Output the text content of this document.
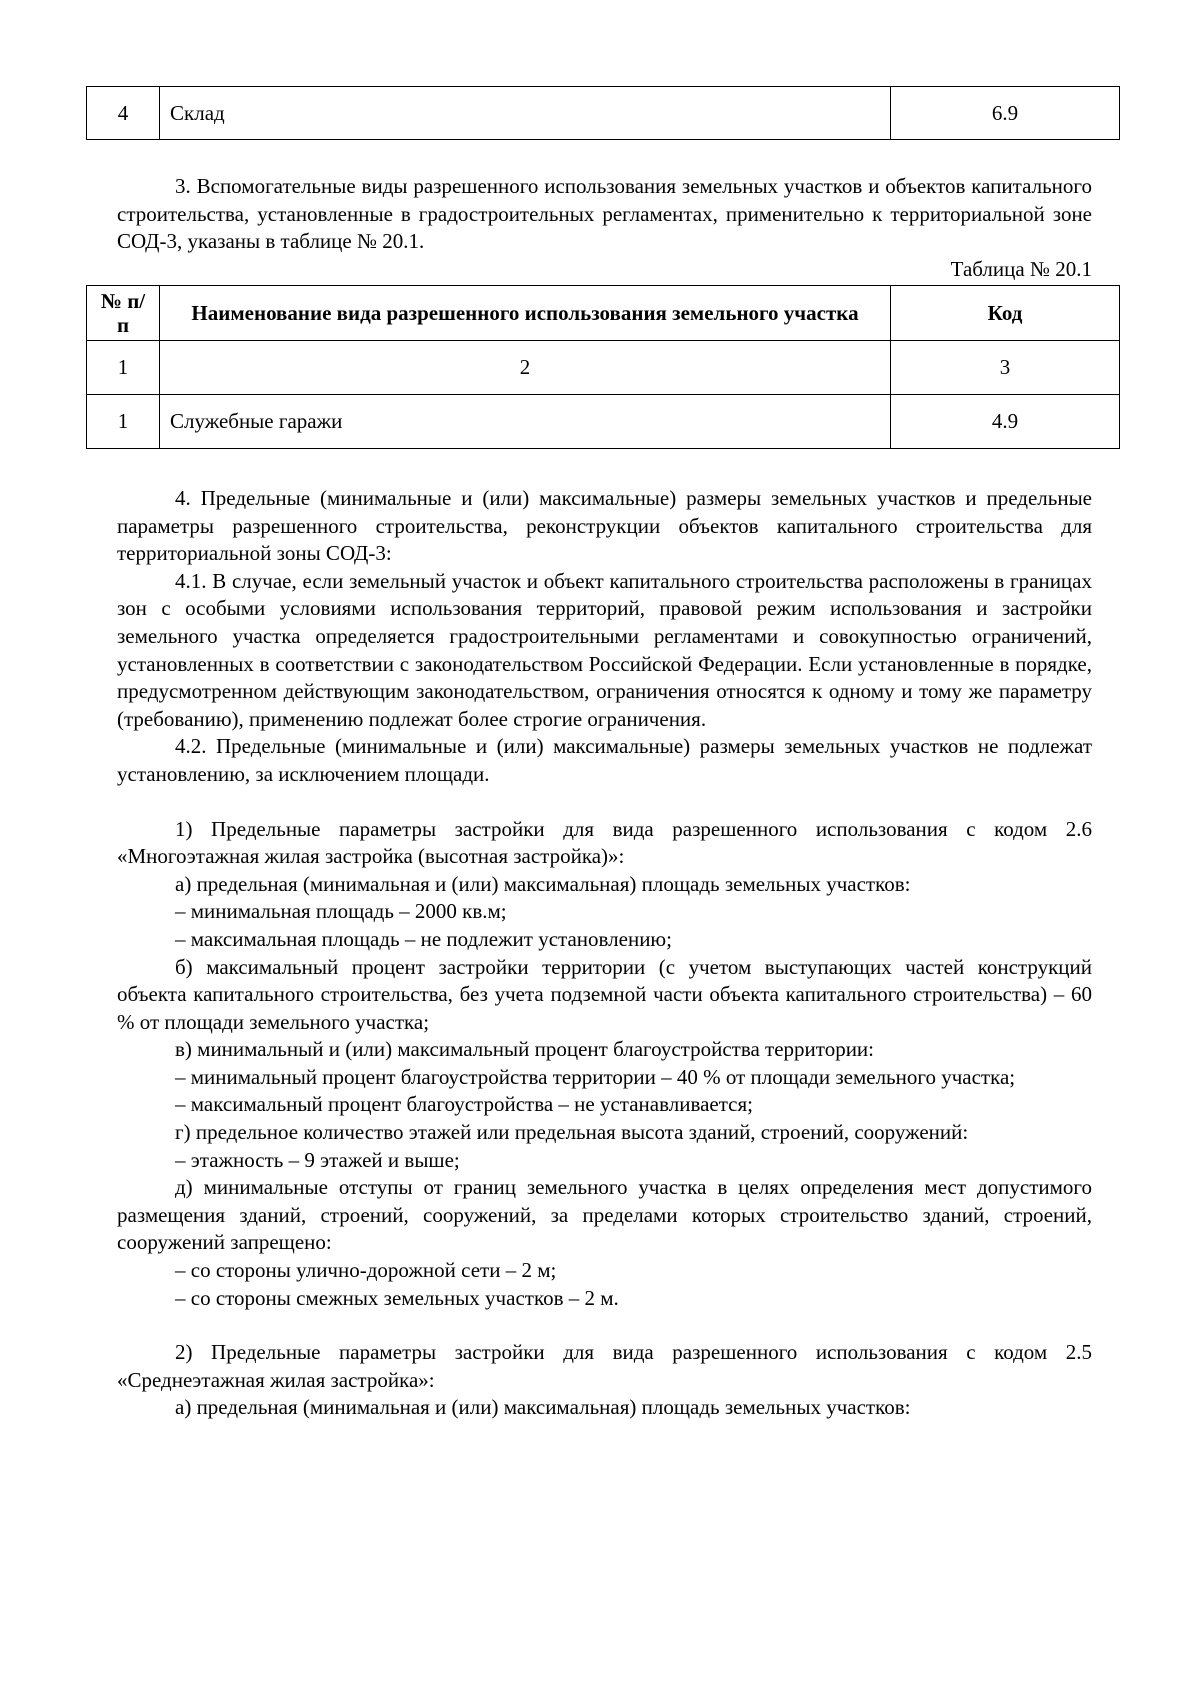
4	Склад	6.9

3. Вспомогательные виды разрешенного использования земельных участков и объектов капитального строительства, установленные в градостроительных регламентах, применительно к территориальной зоне СОД-3, указаны в таблице № 20.1.

Таблица № 20.1
№ п/п	Наименование вида разрешенного использования земельного участка	Код
1	2	3
1	Служебные гаражи	4.9

4. Предельные (минимальные и (или) максимальные) размеры земельных участков и предельные параметры разрешенного строительства, реконструкции объектов капитального строительства для территориальной зоны СОД-3:

4.1. В случае, если земельный участок и объект капитального строительства расположены в границах зон с особыми условиями использования территорий, правовой режим использования и застройки земельного участка определяется градостроительными регламентами и совокупностью ограничений, установленных в соответствии с законодательством Российской Федерации. Если установленные в порядке, предусмотренном действующим законодательством, ограничения относятся к одному и тому же параметру (требованию), применению подлежат более строгие ограничения.

4.2. Предельные (минимальные и (или) максимальные) размеры земельных участков не подлежат установлению, за исключением площади.

1) Предельные параметры застройки для вида разрешенного использования с кодом 2.6 «Многоэтажная жилая застройка (высотная застройка)»:

а) предельная (минимальная и (или) максимальная) площадь земельных участков:

– минимальная площадь – 2000 кв.м;

– максимальная площадь – не подлежит установлению;

б) максимальный процент застройки территории (с учетом выступающих частей конструкций объекта капитального строительства, без учета подземной части объекта капитального строительства) – 60 % от площади земельного участка;

в) минимальный и (или) максимальный процент благоустройства территории:

– минимальный процент благоустройства территории – 40 % от площади земельного участка;

– максимальный процент благоустройства – не устанавливается;

г) предельное количество этажей или предельная высота зданий, строений, сооружений:

– этажность – 9 этажей и выше;

д) минимальные отступы от границ земельного участка в целях определения мест допустимого размещения зданий, строений, сооружений, за пределами которых строительство зданий, строений, сооружений запрещено:

– со стороны улично-дорожной сети – 2 м;

– со стороны смежных земельных участков – 2 м.

2) Предельные параметры застройки для вида разрешенного использования с кодом 2.5 «Среднеэтажная жилая застройка»:

а) предельная (минимальная и (или) максимальная) площадь земельных участков:
